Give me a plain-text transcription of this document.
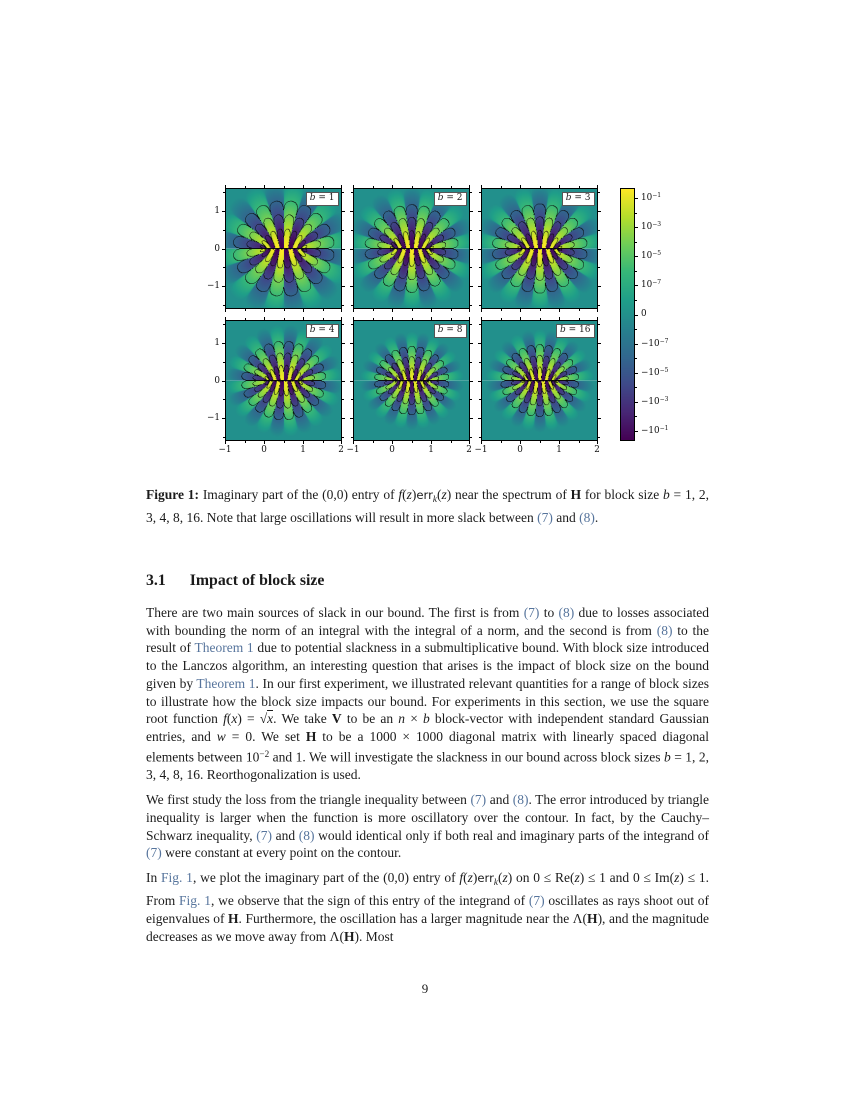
b = 1
1
0
−1
b = 2	b = 3
b = 4
−1	0	1	2
1
0
−1
b = 8
−1	0	1	2
b = 16
−1	0	1	2
$10^{-1}$
$10^{-3}$
$10^{-5}$
$10^{-7}$
0
$-10^{-7}$
$-10^{-5}$
$-10^{-3}$
$-10^{-1}$
Figure 1: Imaginary part of the (0,0) entry of f(z)err$_k$(z) near the spectrum of H for block size b = 1, 2, 3, 4, 8, 16. Note that large oscillations will result in more slack between (7) and (8).
3.1 Impact of block size

There are two main sources of slack in our bound. The first is from (7) to (8) due to losses associated with bounding the norm of an integral with the integral of a norm, and the second is from (8) to the result of Theorem 1 due to potential slackness in a submultiplicative bound. With block size introduced to the Lanczos algorithm, an interesting question that arises is the impact of block size on the bound given by Theorem 1. In our first experiment, we illustrated relevant quantities for a range of block sizes to illustrate how the block size impacts our bound. For experiments in this section, we use the square root function f(x) = √x. We take V to be an n × b block-vector with independent standard Gaussian entries, and w = 0. We set H to be a 1000 × 1000 diagonal matrix with linearly spaced diagonal elements between $10^{-2}$ and 1. We will investigate the slackness in our bound across block sizes b = 1, 2, 3, 4, 8, 16. Reorthogonalization is used.

We first study the loss from the triangle inequality between (7) and (8). The error introduced by triangle inequality is larger when the function is more oscillatory over the contour. In fact, by the Cauchy–Schwarz inequality, (7) and (8) would identical only if both real and imaginary parts of the integrand of (7) were constant at every point on the contour.

In Fig. 1, we plot the imaginary part of the (0,0) entry of f(z)err$_k$(z) on 0 ≤ Re(z) ≤ 1 and 0 ≤ Im(z) ≤ 1. From Fig. 1, we observe that the sign of this entry of the integrand of (7) oscillates as rays shoot out of eigenvalues of H. Furthermore, the oscillation has a larger magnitude near the Λ(H), and the magnitude decreases as we move away from Λ(H). Most

9
